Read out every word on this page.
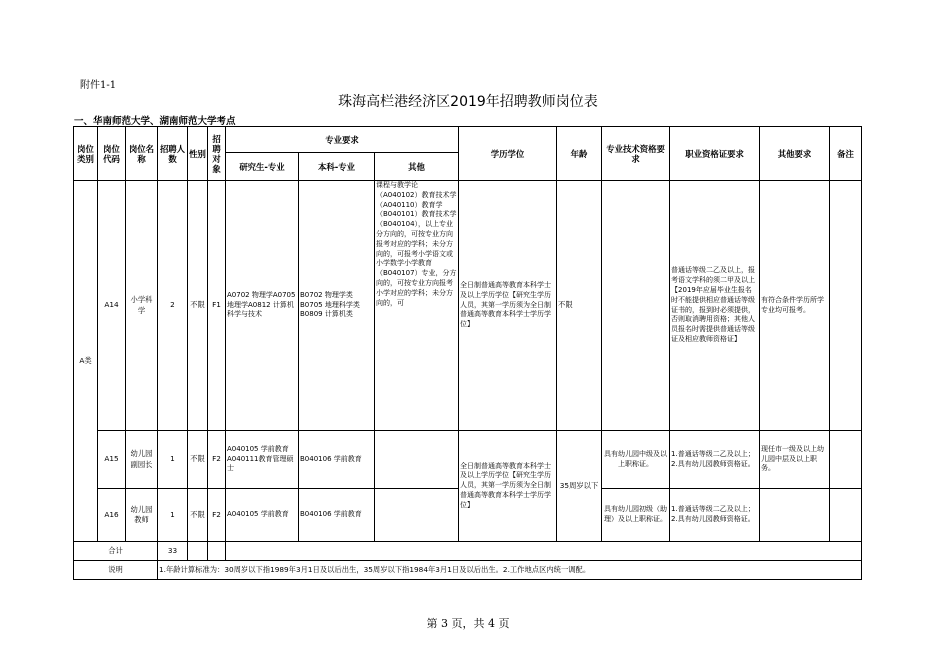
附件1-1
珠海高栏港经济区2019年招聘教师岗位表
一、华南师范大学、湖南师范大学考点
岗位类别	岗位代码	岗位名称	招聘人数	性别	招聘对象	专业要求			学历学位	年龄	专业技术资格要求	职业资格证要求	其他要求	备注
						研究生-专业	本科-专业	其他						
A类	A14	小学科学	2	不限	F1	A0702 物理学A0705 地理学A0812 计算机科学与技术	B0702 物理学类B0705 地理科学类B0809 计算机类	课程与教学论（A040102）教育技术学（A040110）教育学（B040101）教育技术学（B040104），以上专业分方向的，可按专业方向报考对应的学科；未分方向的，可报考小学语文或小学数学小学教育（B040107）专业，分方向的，可按专业方向报考小学对应的学科；未分方向的，可	全日制普通高等教育本科学士及以上学历学位【研究生学历人员，其第一学历须为全日制普通高等教育本科学士学历学位】	不限		普通话等级二乙及以上，报考语文学科的须二甲及以上【2019年应届毕业生报名时不能提供相应普通话等级证书的，报到时必须提供，否则取消聘用资格；其他人员报名时需提供普通话等级证及相应教师资格证】	有符合条件学历所学专业均可报考。	
	A15	幼儿园副园长	1	不限	F2	A040105 学前教育A040111教育管理硕士	B040106 学前教育		全日制普通高等教育本科学士及以上学历学位【研究生学历人员，其第一学历须为全日制普通高等教育本科学士学历学位】	35周岁以下	具有幼儿园中级及以上职称证。	1.普通话等级二乙及以上；2.具有幼儿园教师资格证。	现任市一级及以上幼儿园中层及以上职务。	
	A16	幼儿园教师	1	不限	F2	A040105 学前教育	B040106 学前教育				具有幼儿园初级（助理）及以上职称证。	1.普通话等级二乙及以上；2.具有幼儿园教师资格证。		
合计			33											
说明			1.年龄计算标准为：30周岁以下指1989年3月1日及以后出生，35周岁以下指1984年3月1日及以后出生。2.工作地点区内统一调配。											
第 3 页，共 4 页
